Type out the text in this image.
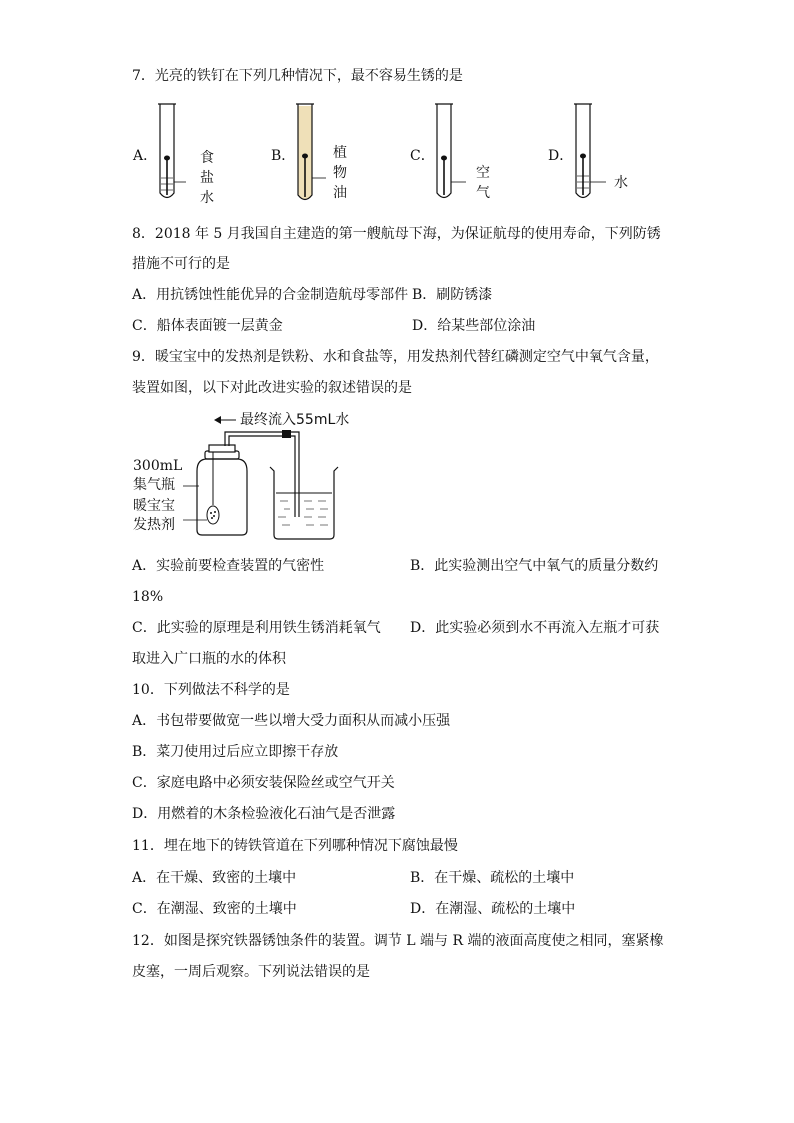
7．光亮的铁钉在下列几种情况下，最不容易生锈的是
A．	B．	C．	D．
食
盐
水
植
物
油
空
气
水
8．2018 年 5 月我国自主建造的第一艘航母下海，为保证航母的使用寿命，下列防锈
措施不可行的是
A．用抗锈蚀性能优异的合金制造航母零部件 B．刷防锈漆
C．船体表面镀一层黄金	D．给某些部位涂油
9．暖宝宝中的发热剂是铁粉、水和食盐等，用发热剂代替红磷测定空气中氧气含量，
装置如图，以下对此改进实验的叙述错误的是
最终流入55mL水
300mL
集气瓶
暖宝宝
发热剂
A．实验前要检查装置的气密性	B．此实验测出空气中氧气的质量分数约
18%
C．此实验的原理是利用铁生锈消耗氧气 D．此实验必须到水不再流入左瓶才可获
取进入广口瓶的水的体积
10．下列做法不科学的是
A．书包带要做宽一些以增大受力面积从而减小压强
B．菜刀使用过后应立即擦干存放
C．家庭电路中必须安装保险丝或空气开关
D．用燃着的木条检验液化石油气是否泄露
11．埋在地下的铸铁管道在下列哪种情况下腐蚀最慢
A．在干燥、致密的土壤中	B．在干燥、疏松的土壤中
C．在潮湿、致密的土壤中	D．在潮湿、疏松的土壤中
12．如图是探究铁器锈蚀条件的装置。调节 L 端与 R 端的液面高度使之相同，塞紧橡
皮塞，一周后观察。下列说法错误的是
